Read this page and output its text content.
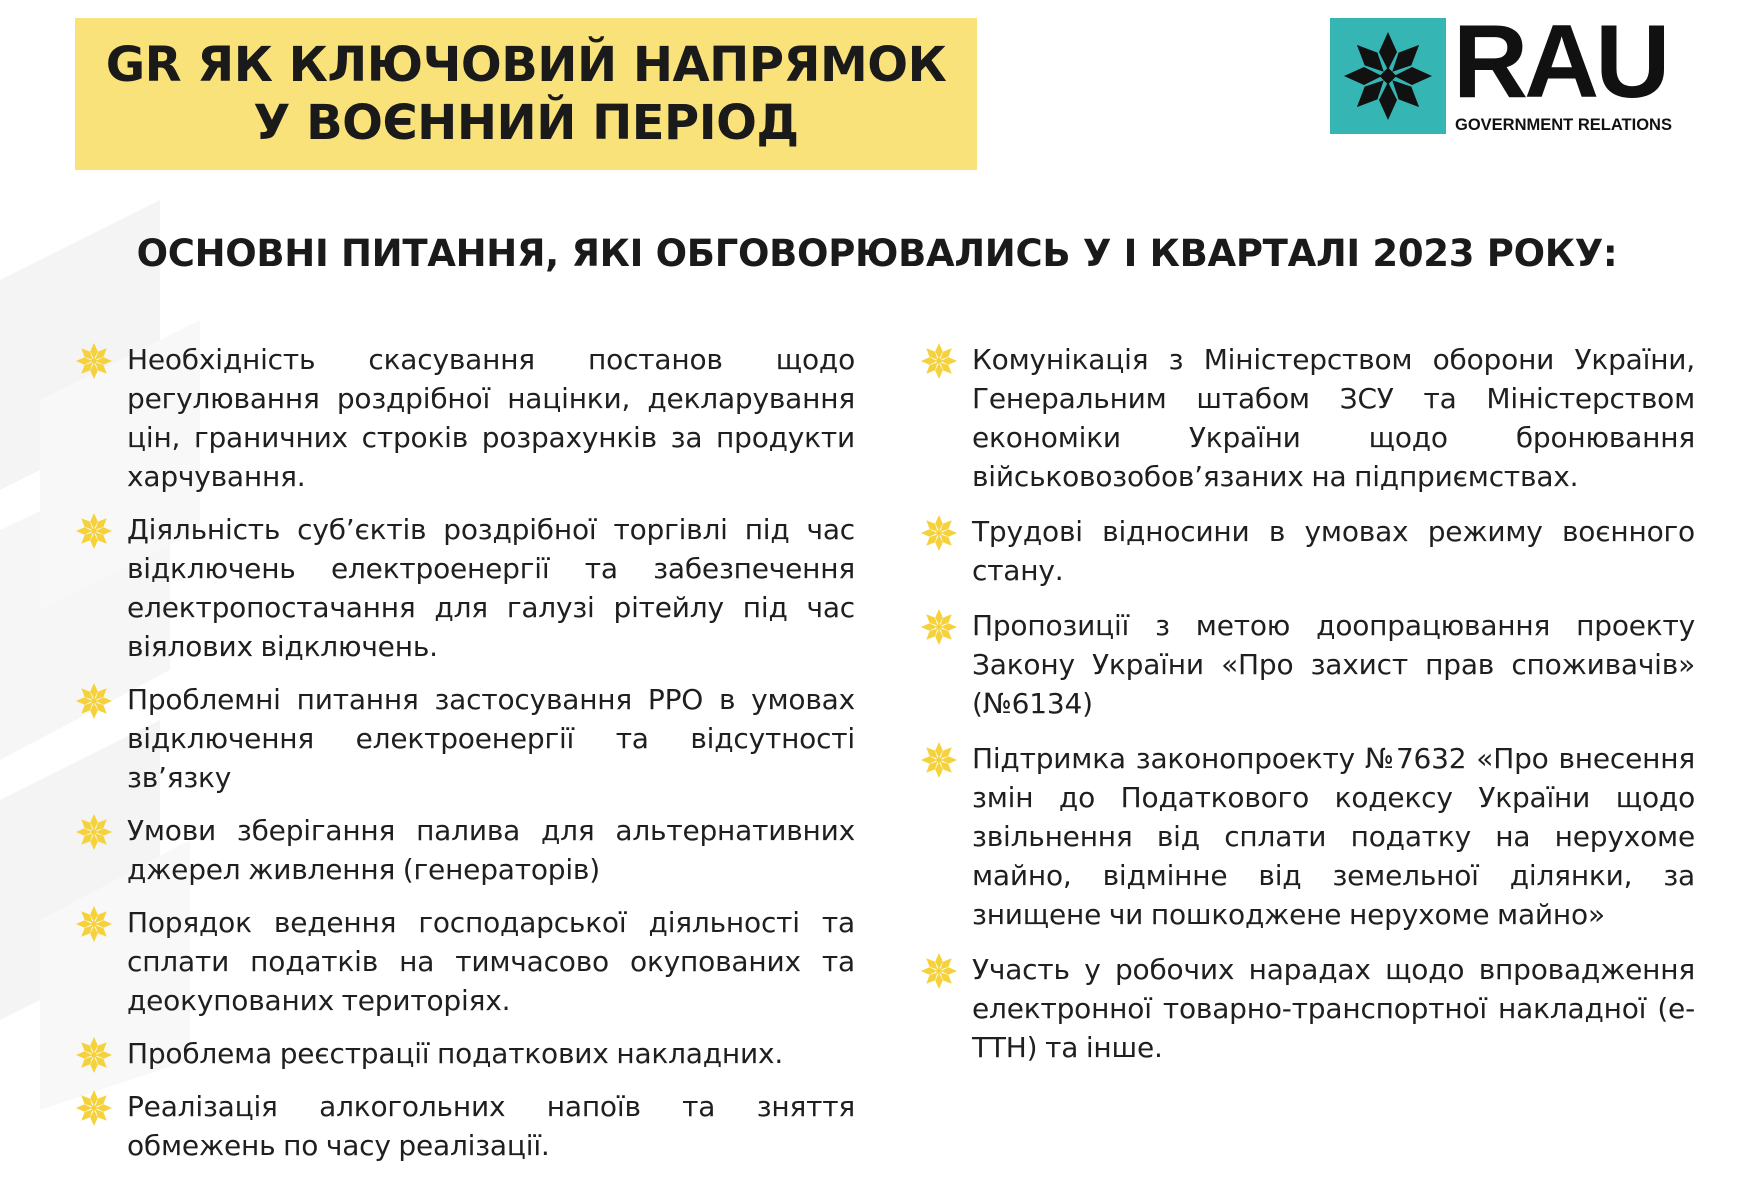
GR ЯК КЛЮЧОВИЙ НАПРЯМОК
У ВОЄННИЙ ПЕРІОД
RAU
GOVERNMENT RELATIONS
ОСНОВНІ ПИТАННЯ, ЯКІ ОБГОВОРЮВАЛИСЬ У І КВАРТАЛІ 2023 РОКУ:
Необхідність скасування постанов щодо регулювання роздрібної націнки, декларування цін, граничних строків розрахунків за продукти харчування.
Діяльність суб’єктів роздрібної торгівлі під час відключень електроенергії та забезпечення електропостачання для галузі рітейлу під час віялових відключень.
Проблемні питання застосування РРО в умовах відключення електроенергії та відсутності зв’язку
Умови зберігання палива для альтернативних джерел живлення (генераторів)
Порядок ведення господарської діяльності та сплати податків на тимчасово окупованих та деокупованих територіях.
Проблема реєстрації податкових накладних.
Реалізація алкогольних напоїв та зняття обмежень по часу реалізації.
Комунікація з Міністерством оборони України, Генеральним штабом ЗСУ та Міністерством економіки України щодо бронювання військовозобов’язаних на підприємствах.
Трудові відносини в умовах режиму воєнного стану.
Пропозиції з метою доопрацювання проекту Закону України «Про захист прав споживачів» (№6134)
Підтримка законопроекту №7632 «Про внесення змін до Податкового кодексу України щодо звільнення від сплати податку на нерухоме майно, відмінне від земельної ділянки, за знищене чи пошкоджене нерухоме майно»
Участь у робочих нарадах щодо впровадження електронної товарно-транспортної накладної (е-ТТН) та інше.
